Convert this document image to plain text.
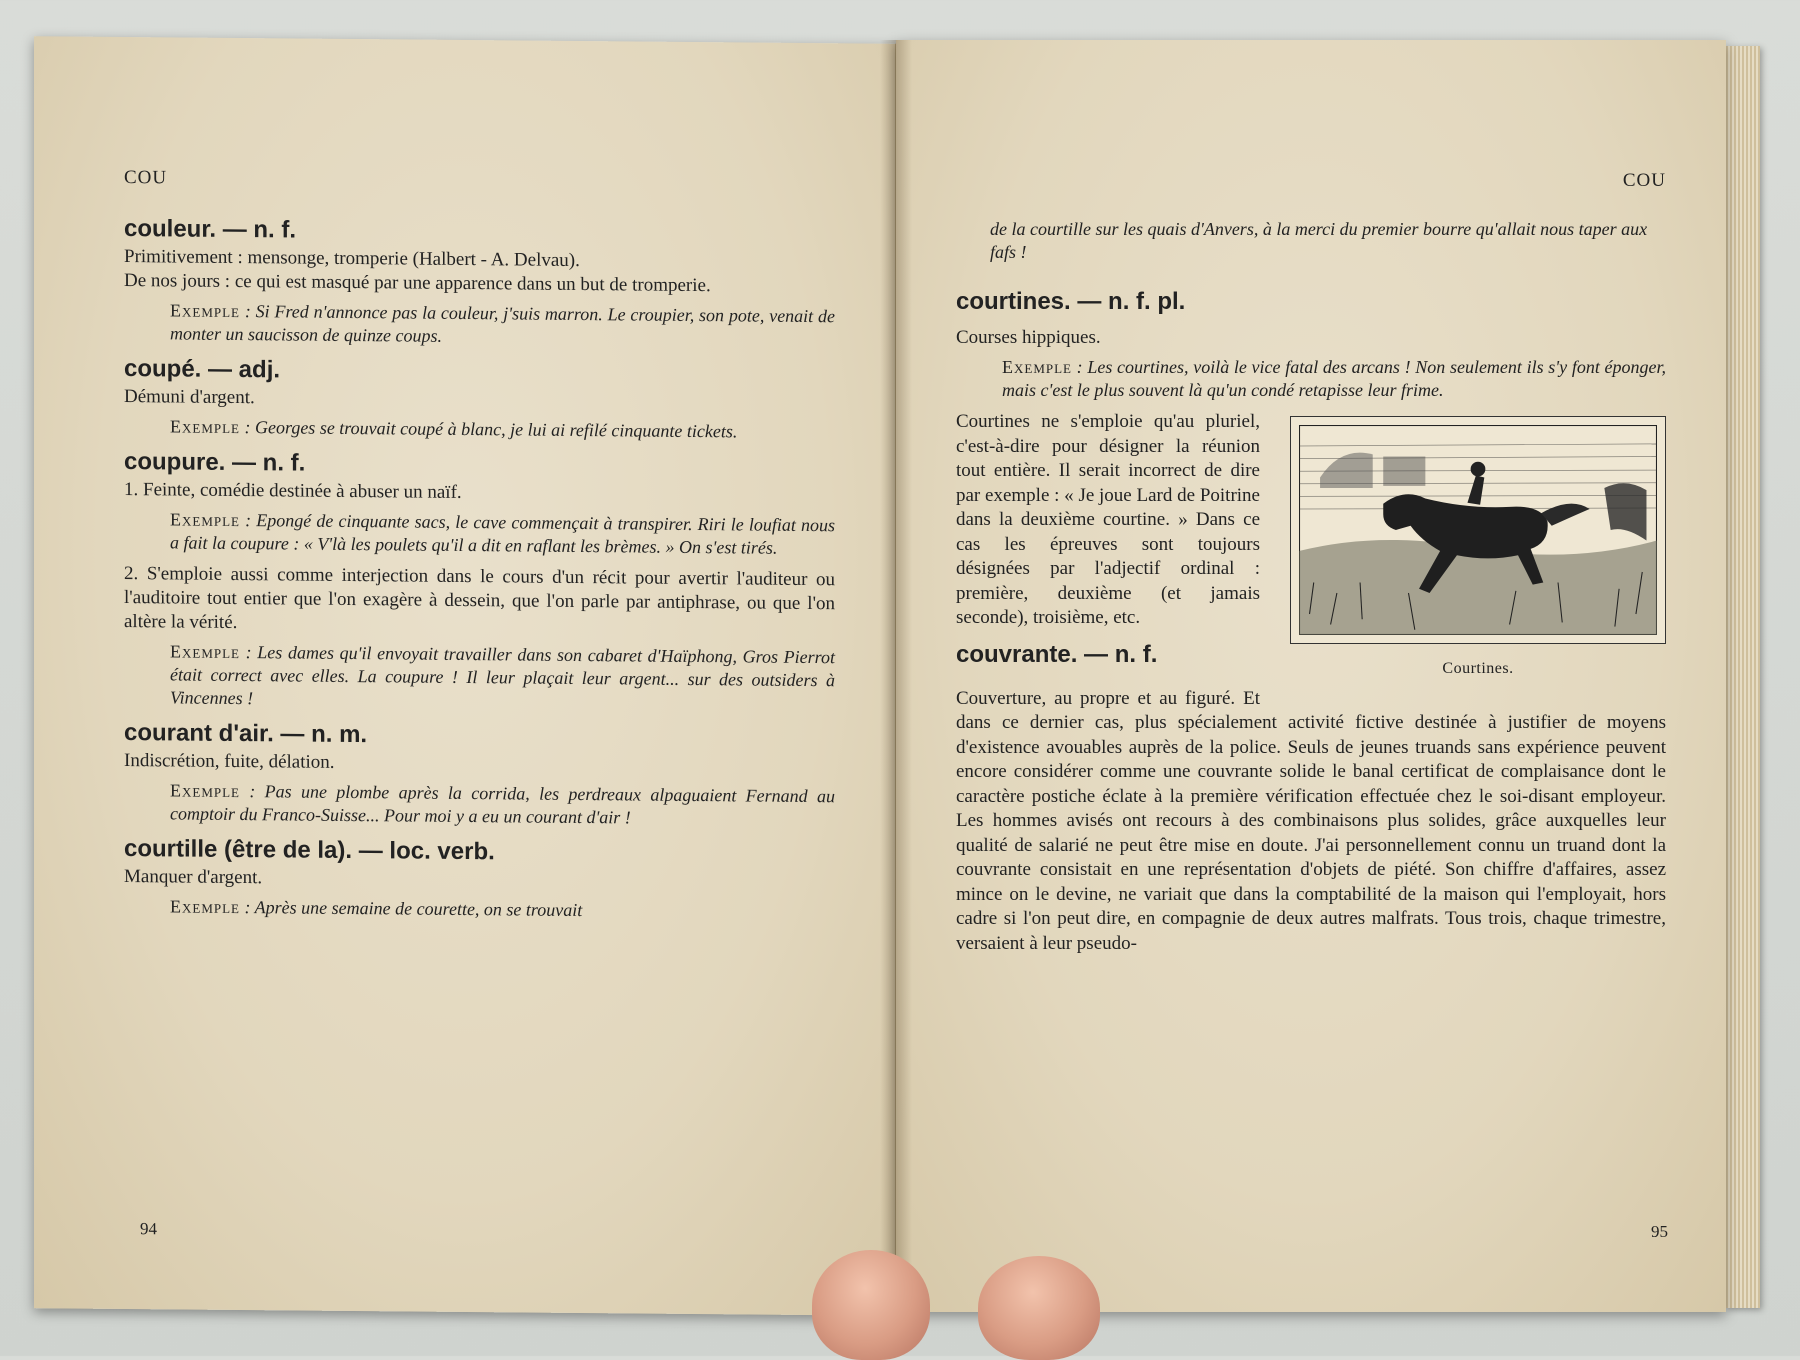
COU
couleur. — n. f.

Primitivement : mensonge, tromperie (Halbert - A. Delvau).

De nos jours : ce qui est masqué par une apparence dans un but de tromperie.

Exemple : Si Fred n'annonce pas la couleur, j'suis marron. Le croupier, son pote, venait de monter un saucisson de quinze coups.

coupé. — adj.

Démuni d'argent.

Exemple : Georges se trouvait coupé à blanc, je lui ai refilé cinquante tickets.

coupure. — n. f.

1. Feinte, comédie destinée à abuser un naïf.

Exemple : Epongé de cinquante sacs, le cave commençait à transpirer. Riri le loufiat nous a fait la coupure : « V'là les poulets qu'il a dit en raflant les brèmes. » On s'est tirés.

2. S'emploie aussi comme interjection dans le cours d'un récit pour avertir l'auditeur ou l'auditoire tout entier que l'on exagère à dessein, que l'on parle par antiphrase, ou que l'on altère la vérité.

Exemple : Les dames qu'il envoyait travailler dans son cabaret d'Haïphong, Gros Pierrot était correct avec elles. La coupure ! Il leur plaçait leur argent... sur des outsiders à Vincennes !

courant d'air. — n. m.

Indiscrétion, fuite, délation.

Exemple : Pas une plombe après la corrida, les perdreaux alpaguaient Fernand au comptoir du Franco-Suisse... Pour moi y a eu un courant d'air !

courtille (être de la). — loc. verb.

Manquer d'argent.

Exemple : Après une semaine de courette, on se trouvait

94
COU

de la courtille sur les quais d'Anvers, à la merci du premier bourre qu'allait nous taper aux fafs !

courtines. — n. f. pl.

Courses hippiques.

Exemple : Les courtines, voilà le vice fatal des arcans ! Non seulement ils s'y font éponger, mais c'est le plus souvent là qu'un condé retapisse leur frime.

Courtines.

Courtines ne s'emploie qu'au pluriel, c'est-à-dire pour désigner la réunion tout entière. Il serait incorrect de dire par exemple : « Je joue Lard de Poitrine dans la deuxième courtine. » Dans ce cas les épreuves sont toujours désignées par l'adjectif ordinal : première, deuxième (et jamais seconde), troisième, etc.

couvrante. — n. f.

Couverture, au propre et au figuré. Et dans ce dernier cas, plus spécialement activité fictive destinée à justifier de moyens d'existence avouables auprès de la police. Seuls de jeunes truands sans expérience peuvent encore considérer comme une couvrante solide le banal certificat de complaisance dont le caractère postiche éclate à la première vérification effectuée chez le soi-disant employeur. Les hommes avisés ont recours à des combinaisons plus solides, grâce auxquelles leur qualité de salarié ne peut être mise en doute. J'ai personnellement connu un truand dont la couvrante consistait en une représentation d'objets de piété. Son chiffre d'affaires, assez mince on le devine, ne variait que dans la comptabilité de la maison qui l'employait, hors cadre si l'on peut dire, en compagnie de deux autres malfrats. Tous trois, chaque trimestre, versaient à leur pseudo-

95
